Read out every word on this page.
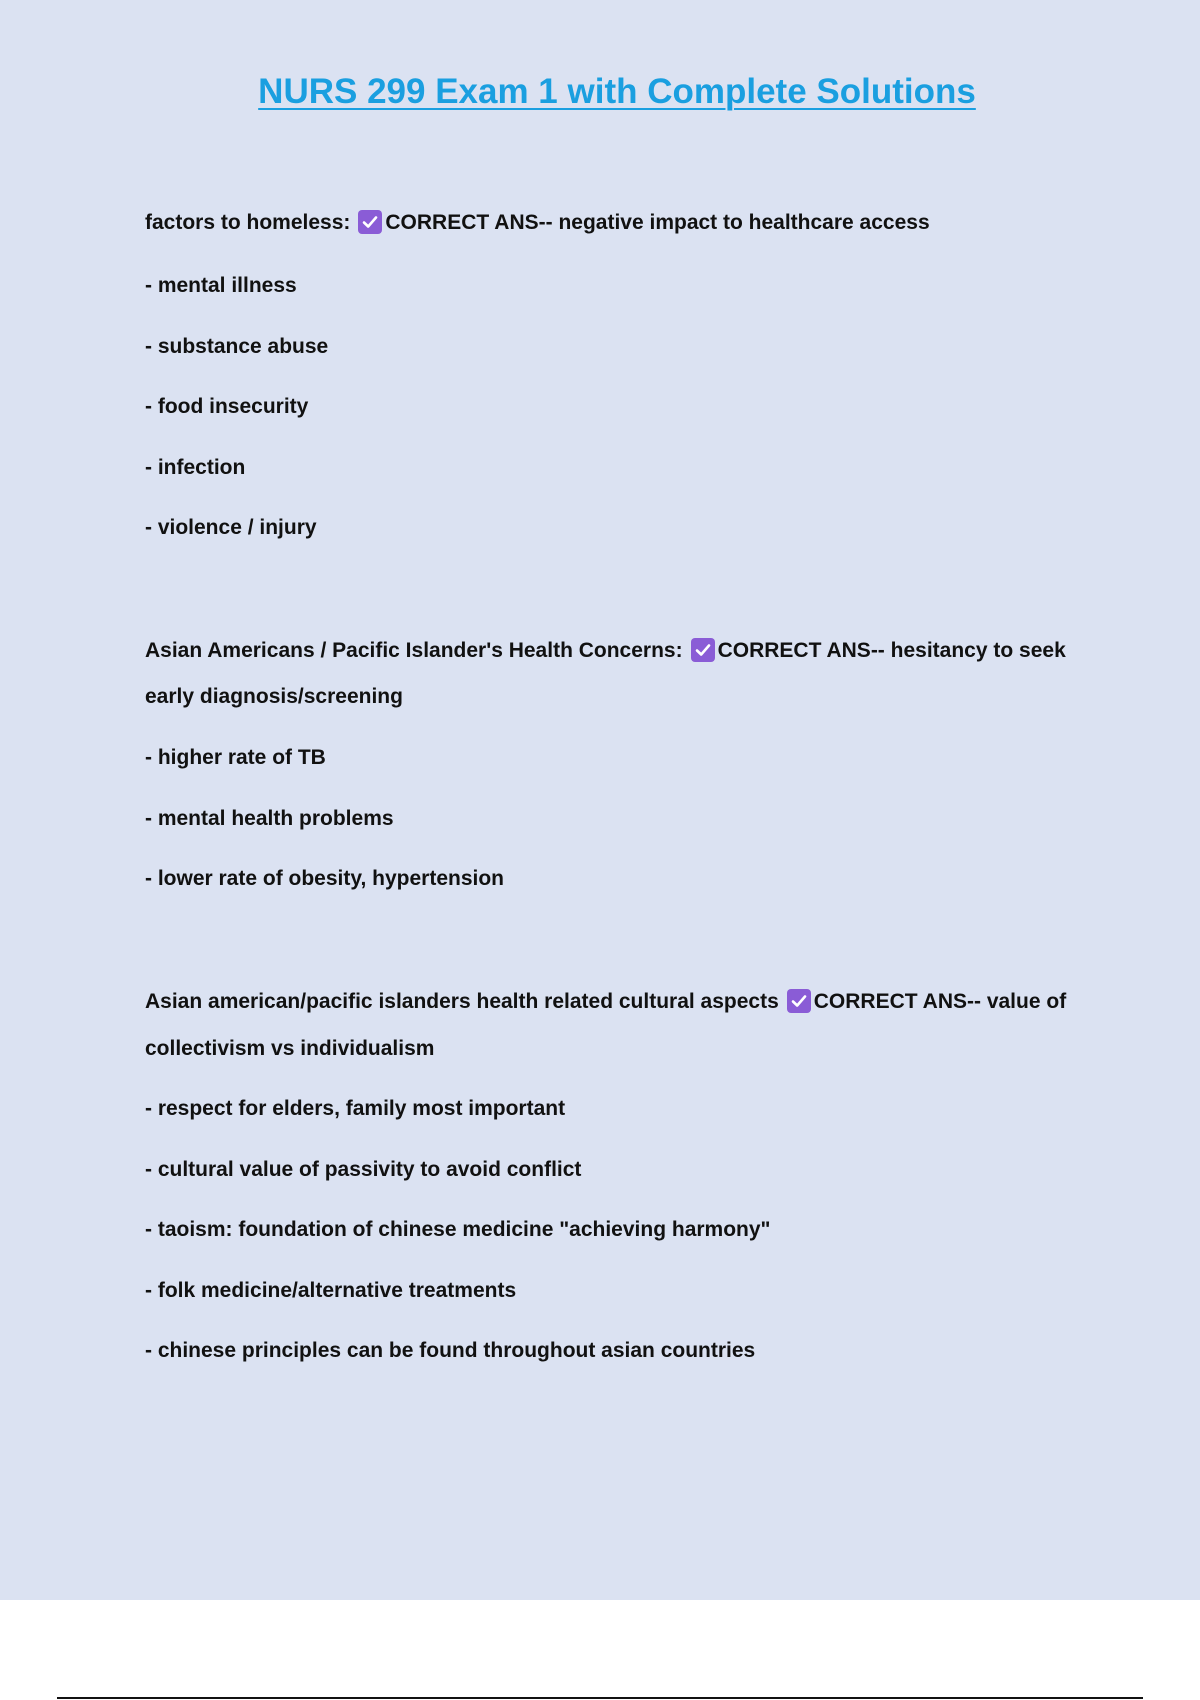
NURS 299 Exam 1 with Complete Solutions
factors to homeless: CORRECT ANS-- negative impact to healthcare access
- mental illness
- substance abuse
- food insecurity
- infection
- violence / injury
Asian Americans / Pacific Islander's Health Concerns: CORRECT ANS-- hesitancy to seek
early diagnosis/screening
- higher rate of TB
- mental health problems
- lower rate of obesity, hypertension
Asian american/pacific islanders health related cultural aspects CORRECT ANS-- value of
collectivism vs individualism
- respect for elders, family most important
- cultural value of passivity to avoid conflict
- taoism: foundation of chinese medicine "achieving harmony"
- folk medicine/alternative treatments
- chinese principles can be found throughout asian countries
